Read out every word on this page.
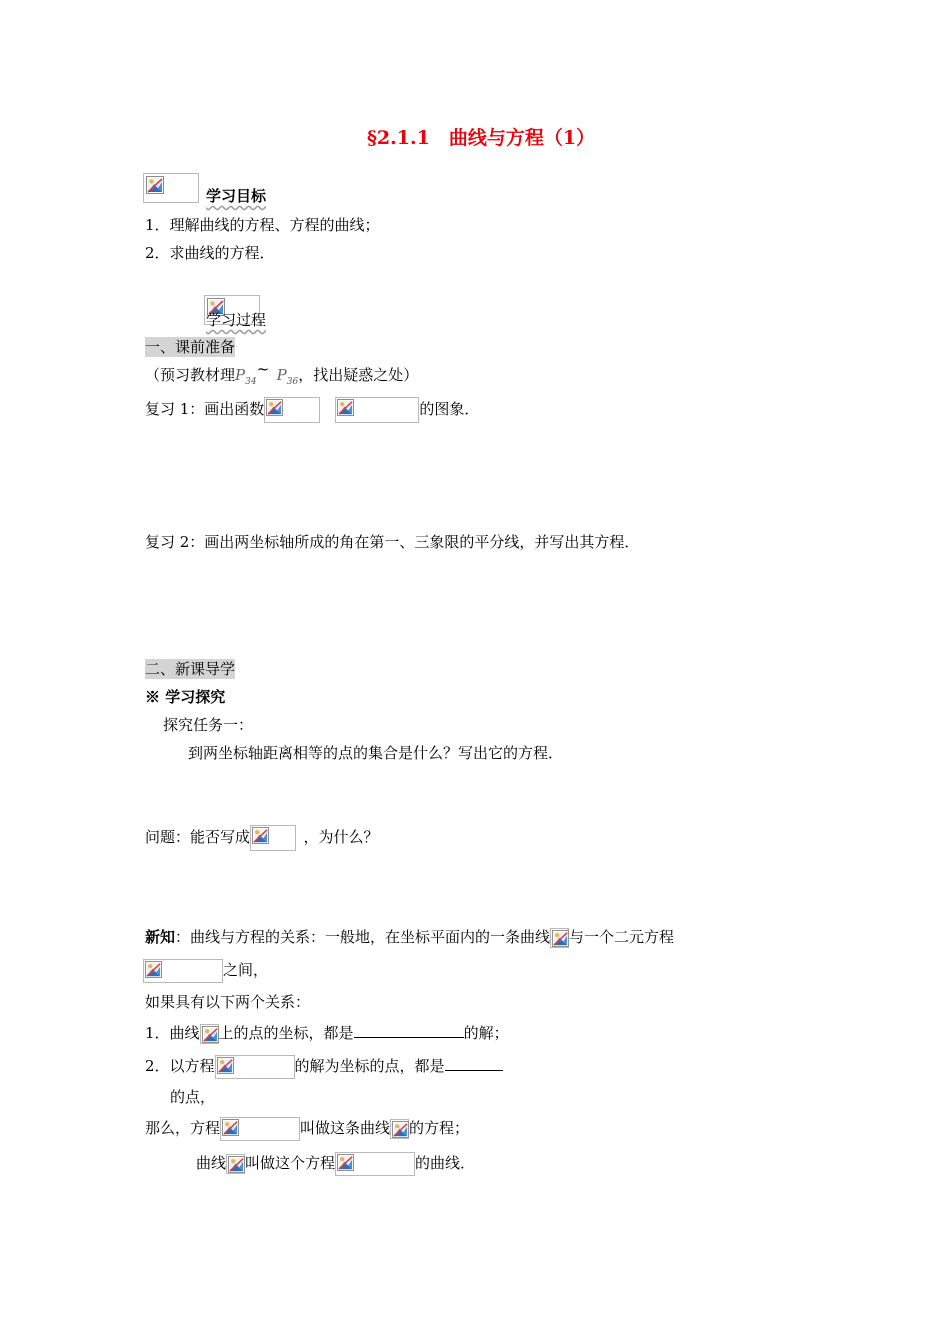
§2.1.1　曲线与方程（1）

学习目标
1．理解曲线的方程、方程的曲线；
2．求曲线的方程．
学习过程
一、课前准备
（预习教材理$P_{34}\sim$  $P_{36}$，找出疑惑之处）
复习 1：画出函数
  	的图象．
复习 2：画出两坐标轴所成的角在第一、三象限的平分线，并写出其方程．
二、新课导学
※ 学习探究
探究任务一：
到两坐标轴距离相等的点的集合是什么？写出它的方程．
问题：能否写成
 	，为什么？
新知：曲线与方程的关系：一般地，在坐标平面内的一条曲线 与一个二元方程
之间，
如果具有以下两个关系：
1．曲线 上的点的坐标，都是	的解；
2．以方程	的解为坐标的点，都是
的点，
那么，方程	叫做这条曲线 的方程；
曲线 叫做这个方程	的曲线．
